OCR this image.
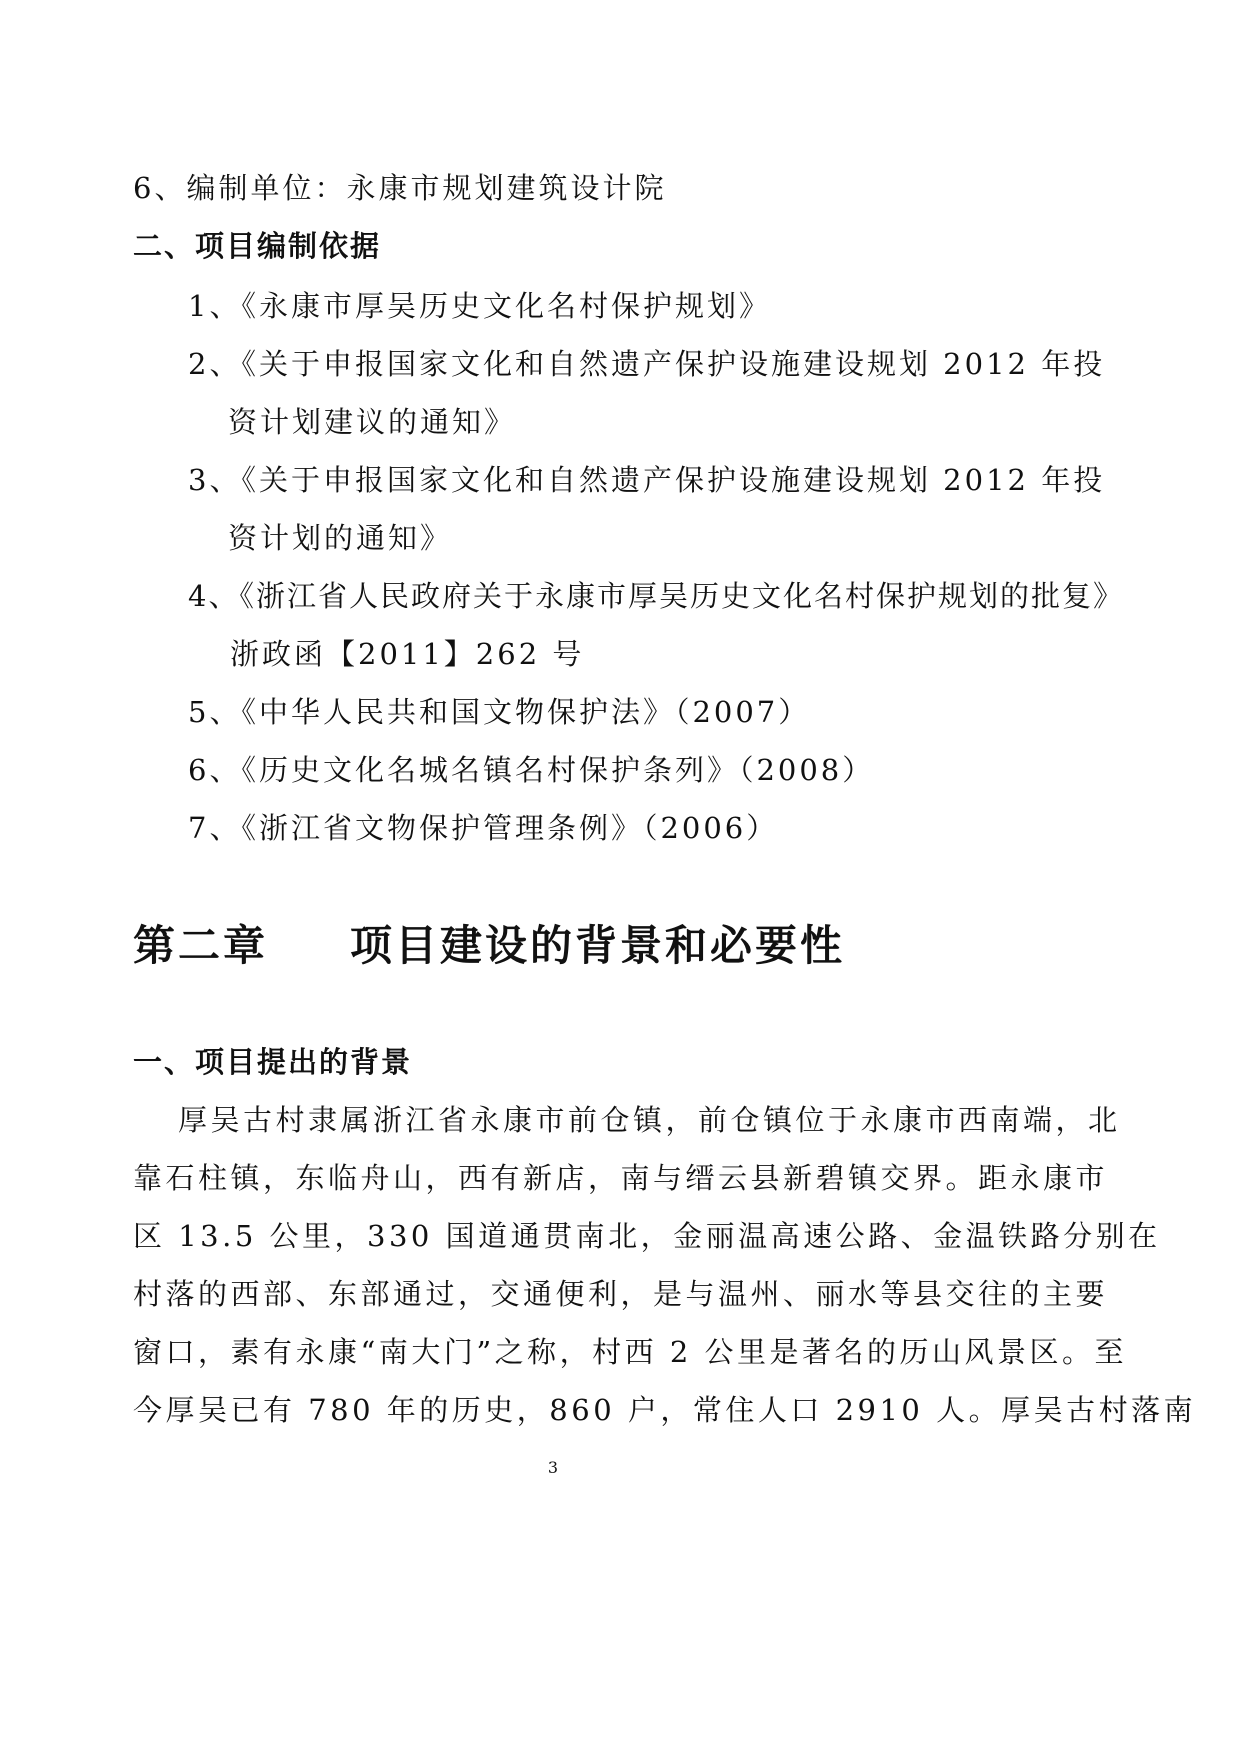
6、编制单位：永康市规划建筑设计院
二、项目编制依据
1、《永康市厚吴历史文化名村保护规划》
2、《关于申报国家文化和自然遗产保护设施建设规划 2012 年投
资计划建议的通知》
3、《关于申报国家文化和自然遗产保护设施建设规划 2012 年投
资计划的通知》
4、《浙江省人民政府关于永康市厚吴历史文化名村保护规划的批复》
浙政函【2011】262 号
5、《中华人民共和国文物保护法》（2007）
6、《历史文化名城名镇名村保护条列》（2008）
7、《浙江省文物保护管理条例》（2006）
第二章 项目建设的背景和必要性
一、项目提出的背景
厚吴古村隶属浙江省永康市前仓镇，前仓镇位于永康市西南端，北
靠石柱镇，东临舟山，西有新店，南与缙云县新碧镇交界。距永康市
区 13.5 公里，330 国道通贯南北，金丽温高速公路、金温铁路分别在
村落的西部、东部通过，交通便利，是与温州、丽水等县交往的主要
窗口，素有永康“南大门”之称，村西 2 公里是著名的历山风景区。至
今厚吴已有 780 年的历史，860 户，常住人口 2910 人。厚吴古村落南
3
